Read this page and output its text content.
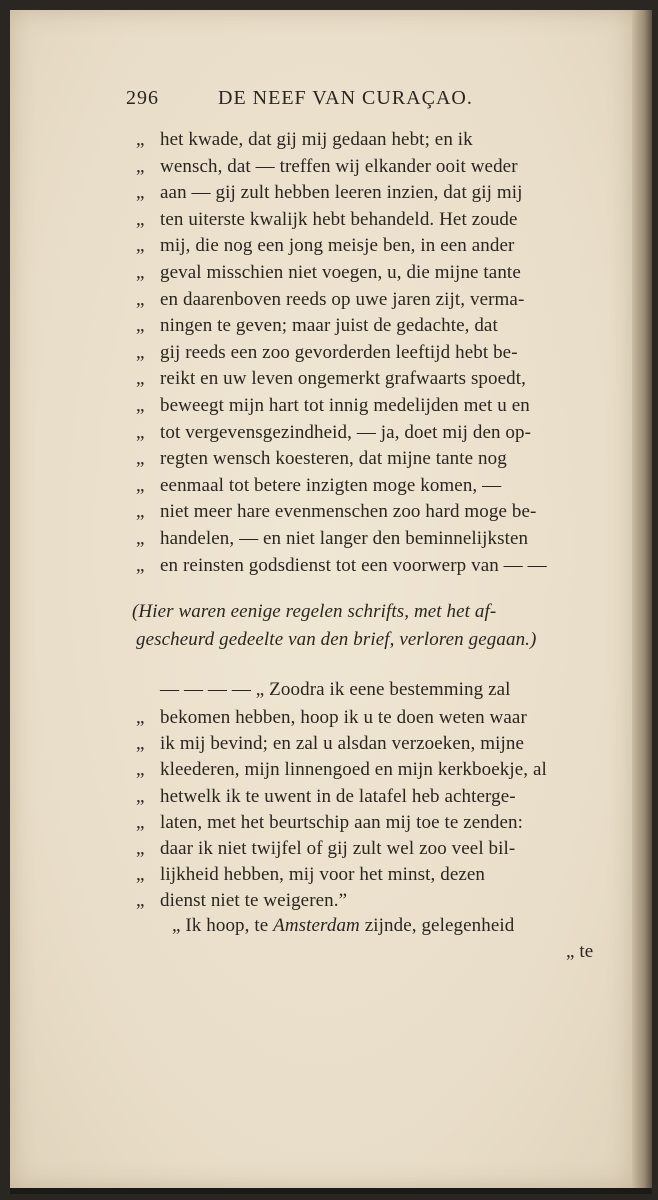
296	DE NEEF VAN CURAÇAO.
„ het kwade, dat gij mij gedaan hebt; en ik
„ wensch, dat — treffen wij elkander ooit weder
„ aan — gij zult hebben leeren inzien, dat gij mij
„ ten uiterste kwalijk hebt behandeld. Het zoude
„ mij, die nog een jong meisje ben, in een ander
„ geval misschien niet voegen, u, die mijne tante
„ en daarenboven reeds op uwe jaren zijt, verma-
„ ningen te geven; maar juist de gedachte, dat
„ gij reeds een zoo gevorderden leeftijd hebt be-
„ reikt en uw leven ongemerkt grafwaarts spoedt,
„ beweegt mijn hart tot innig medelijden met u en
„ tot vergevensgezindheid, — ja, doet mij den op-
„ regten wensch koesteren, dat mijne tante nog
„ eenmaal tot betere inzigten moge komen, —
„ niet meer hare evenmenschen zoo hard moge be-
„ handelen, — en niet langer den beminnelijksten
„ en reinsten godsdienst tot een voorwerp van — —
(Hier waren eenige regelen schrifts, met het af-
gescheurd gedeelte van den brief, verloren gegaan.)
— — — — „ Zoodra ik eene bestemming zal
„ bekomen hebben, hoop ik u te doen weten waar
„ ik mij bevind; en zal u alsdan verzoeken, mijne
„ kleederen, mijn linnengoed en mijn kerkboekje, al
„ hetwelk ik te uwent in de latafel heb achterge-
„ laten, met het beurtschip aan mij toe te zenden:
„ daar ik niet twijfel of gij zult wel zoo veel bil-
„ lijkheid hebben, mij voor het minst, dezen
„ dienst niet te weigeren.”
„ Ik hoop, te Amsterdam zijnde, gelegenheid
„ te
